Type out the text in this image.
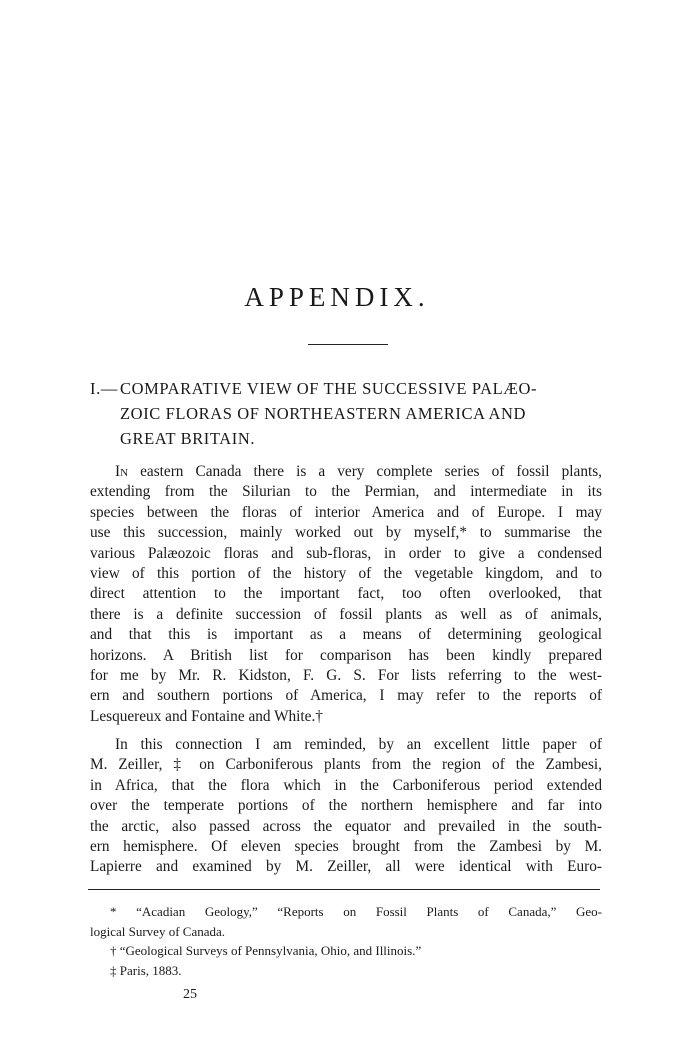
APPENDIX.
I.— COMPARATIVE VIEW OF THE SUCCESSIVE PALÆO-
ZOIC FLORAS OF NORTHEASTERN AMERICA AND
GREAT BRITAIN.
In eastern Canada there is a very complete series of fossil plants,
extending from the Silurian to the Permian, and intermediate in its
species between the floras of interior America and of Europe. I may
use this succession, mainly worked out by myself,* to summarise the
various Palæozoic floras and sub-floras, in order to give a condensed
view of this portion of the history of the vegetable kingdom, and to
direct attention to the important fact, too often overlooked, that
there is a definite succession of fossil plants as well as of animals,
and that this is important as a means of determining geological
horizons. A British list for comparison has been kindly prepared
for me by Mr. R. Kidston, F. G. S. For lists referring to the west-
ern and southern portions of America, I may refer to the reports of
Lesquereux and Fontaine and White.†
In this connection I am reminded, by an excellent little paper of
M. Zeiller, ‡ on Carboniferous plants from the region of the Zambesi,
in Africa, that the flora which in the Carboniferous period extended
over the temperate portions of the northern hemisphere and far into
the arctic, also passed across the equator and prevailed in the south-
ern hemisphere. Of eleven species brought from the Zambesi by M.
Lapierre and examined by M. Zeiller, all were identical with Euro-
* “Acadian Geology,” “Reports on Fossil Plants of Canada,” Geo-
logical Survey of Canada.
† “Geological Surveys of Pennsylvania, Ohio, and Illinois.”
‡ Paris, 1883.
25
